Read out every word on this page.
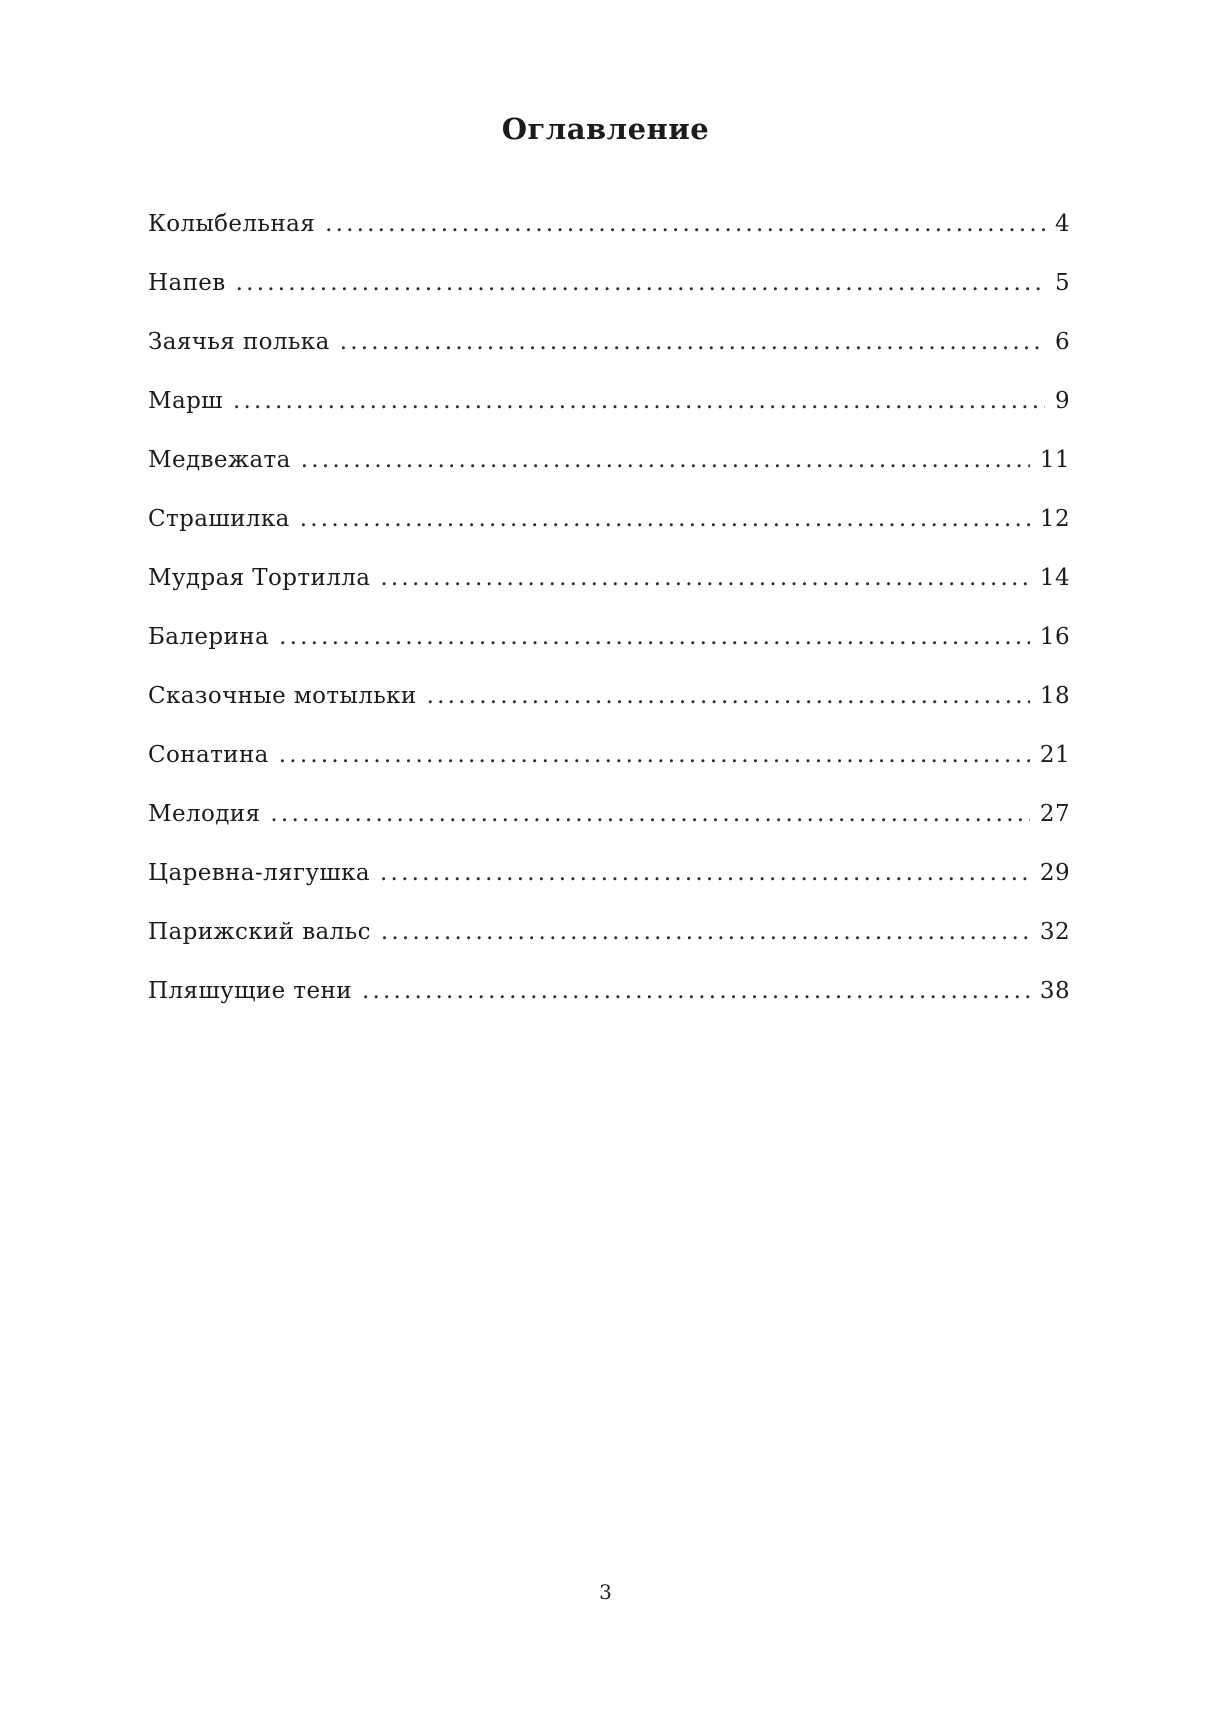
Оглавление
Колыбельная .....	4
Напев .....	5
Заячья полька .....	6
Марш .....	9
Медвежата .....	11
Страшилка .....	12
Мудрая Тортилла .....	14
Балерина .....	16
Сказочные мотыльки .....	18
Сонатина .....	21
Мелодия .....	27
Царевна-лягушка .....	29
Парижский вальс .....	32
Пляшущие тени .....	38
3
